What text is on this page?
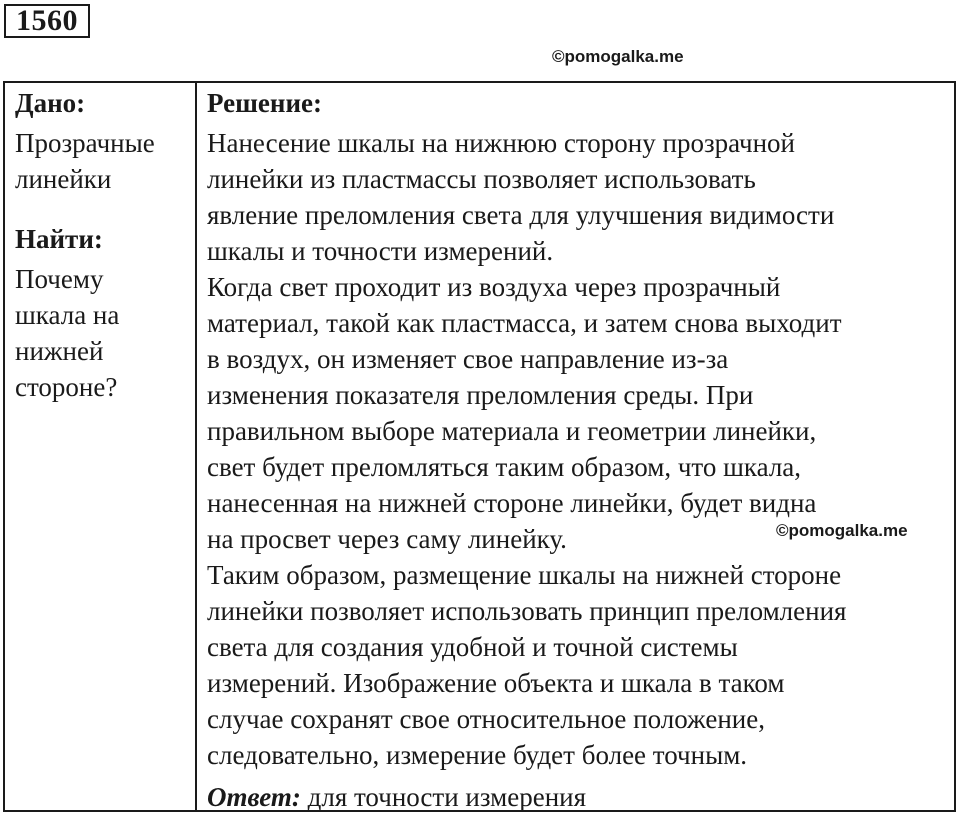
1560
©pomogalka.me
Дано:
Прозрачные
линейки
Найти:
Почему
шкала на
нижней
стороне?
Решение:
Нанесение шкалы на нижнюю сторону прозрачной
линейки из пластмассы позволяет использовать
явление преломления света для улучшения видимости
шкалы и точности измерений.
Когда свет проходит из воздуха через прозрачный
материал, такой как пластмасса, и затем снова выходит
в воздух, он изменяет свое направление из-за
изменения показателя преломления среды. При
правильном выборе материала и геометрии линейки,
свет будет преломляться таким образом, что шкала,
нанесенная на нижней стороне линейки, будет видна
на просвет через саму линейку.
Таким образом, размещение шкалы на нижней стороне
линейки позволяет использовать принцип преломления
света для создания удобной и точной системы
измерений. Изображение объекта и шкала в таком
случае сохранят свое относительное положение,
следовательно, измерение будет более точным.
Ответ: для точности измерения
©pomogalka.me
